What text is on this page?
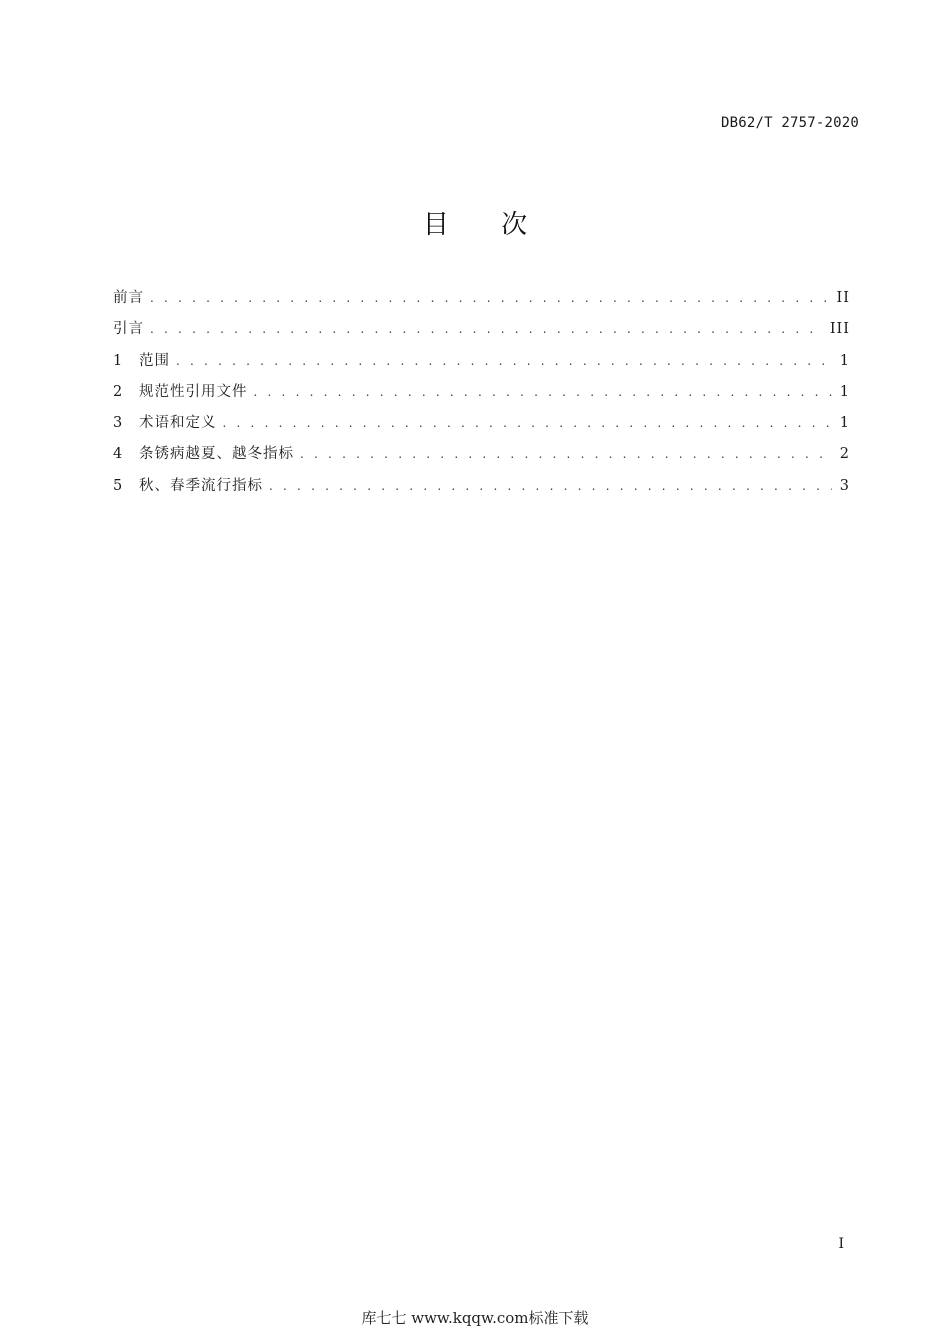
DB62/T 2757-2020
目 次
前言 . . .	II
引言 . . .	III
1	范围 . . .	1
2	规范性引用文件 . . .	1
3	术语和定义 . . .	1
4	条锈病越夏、越冬指标 . . .	2
5	秋、春季流行指标 . . .	3
I
库七七 www.kqqw.com标准下载
